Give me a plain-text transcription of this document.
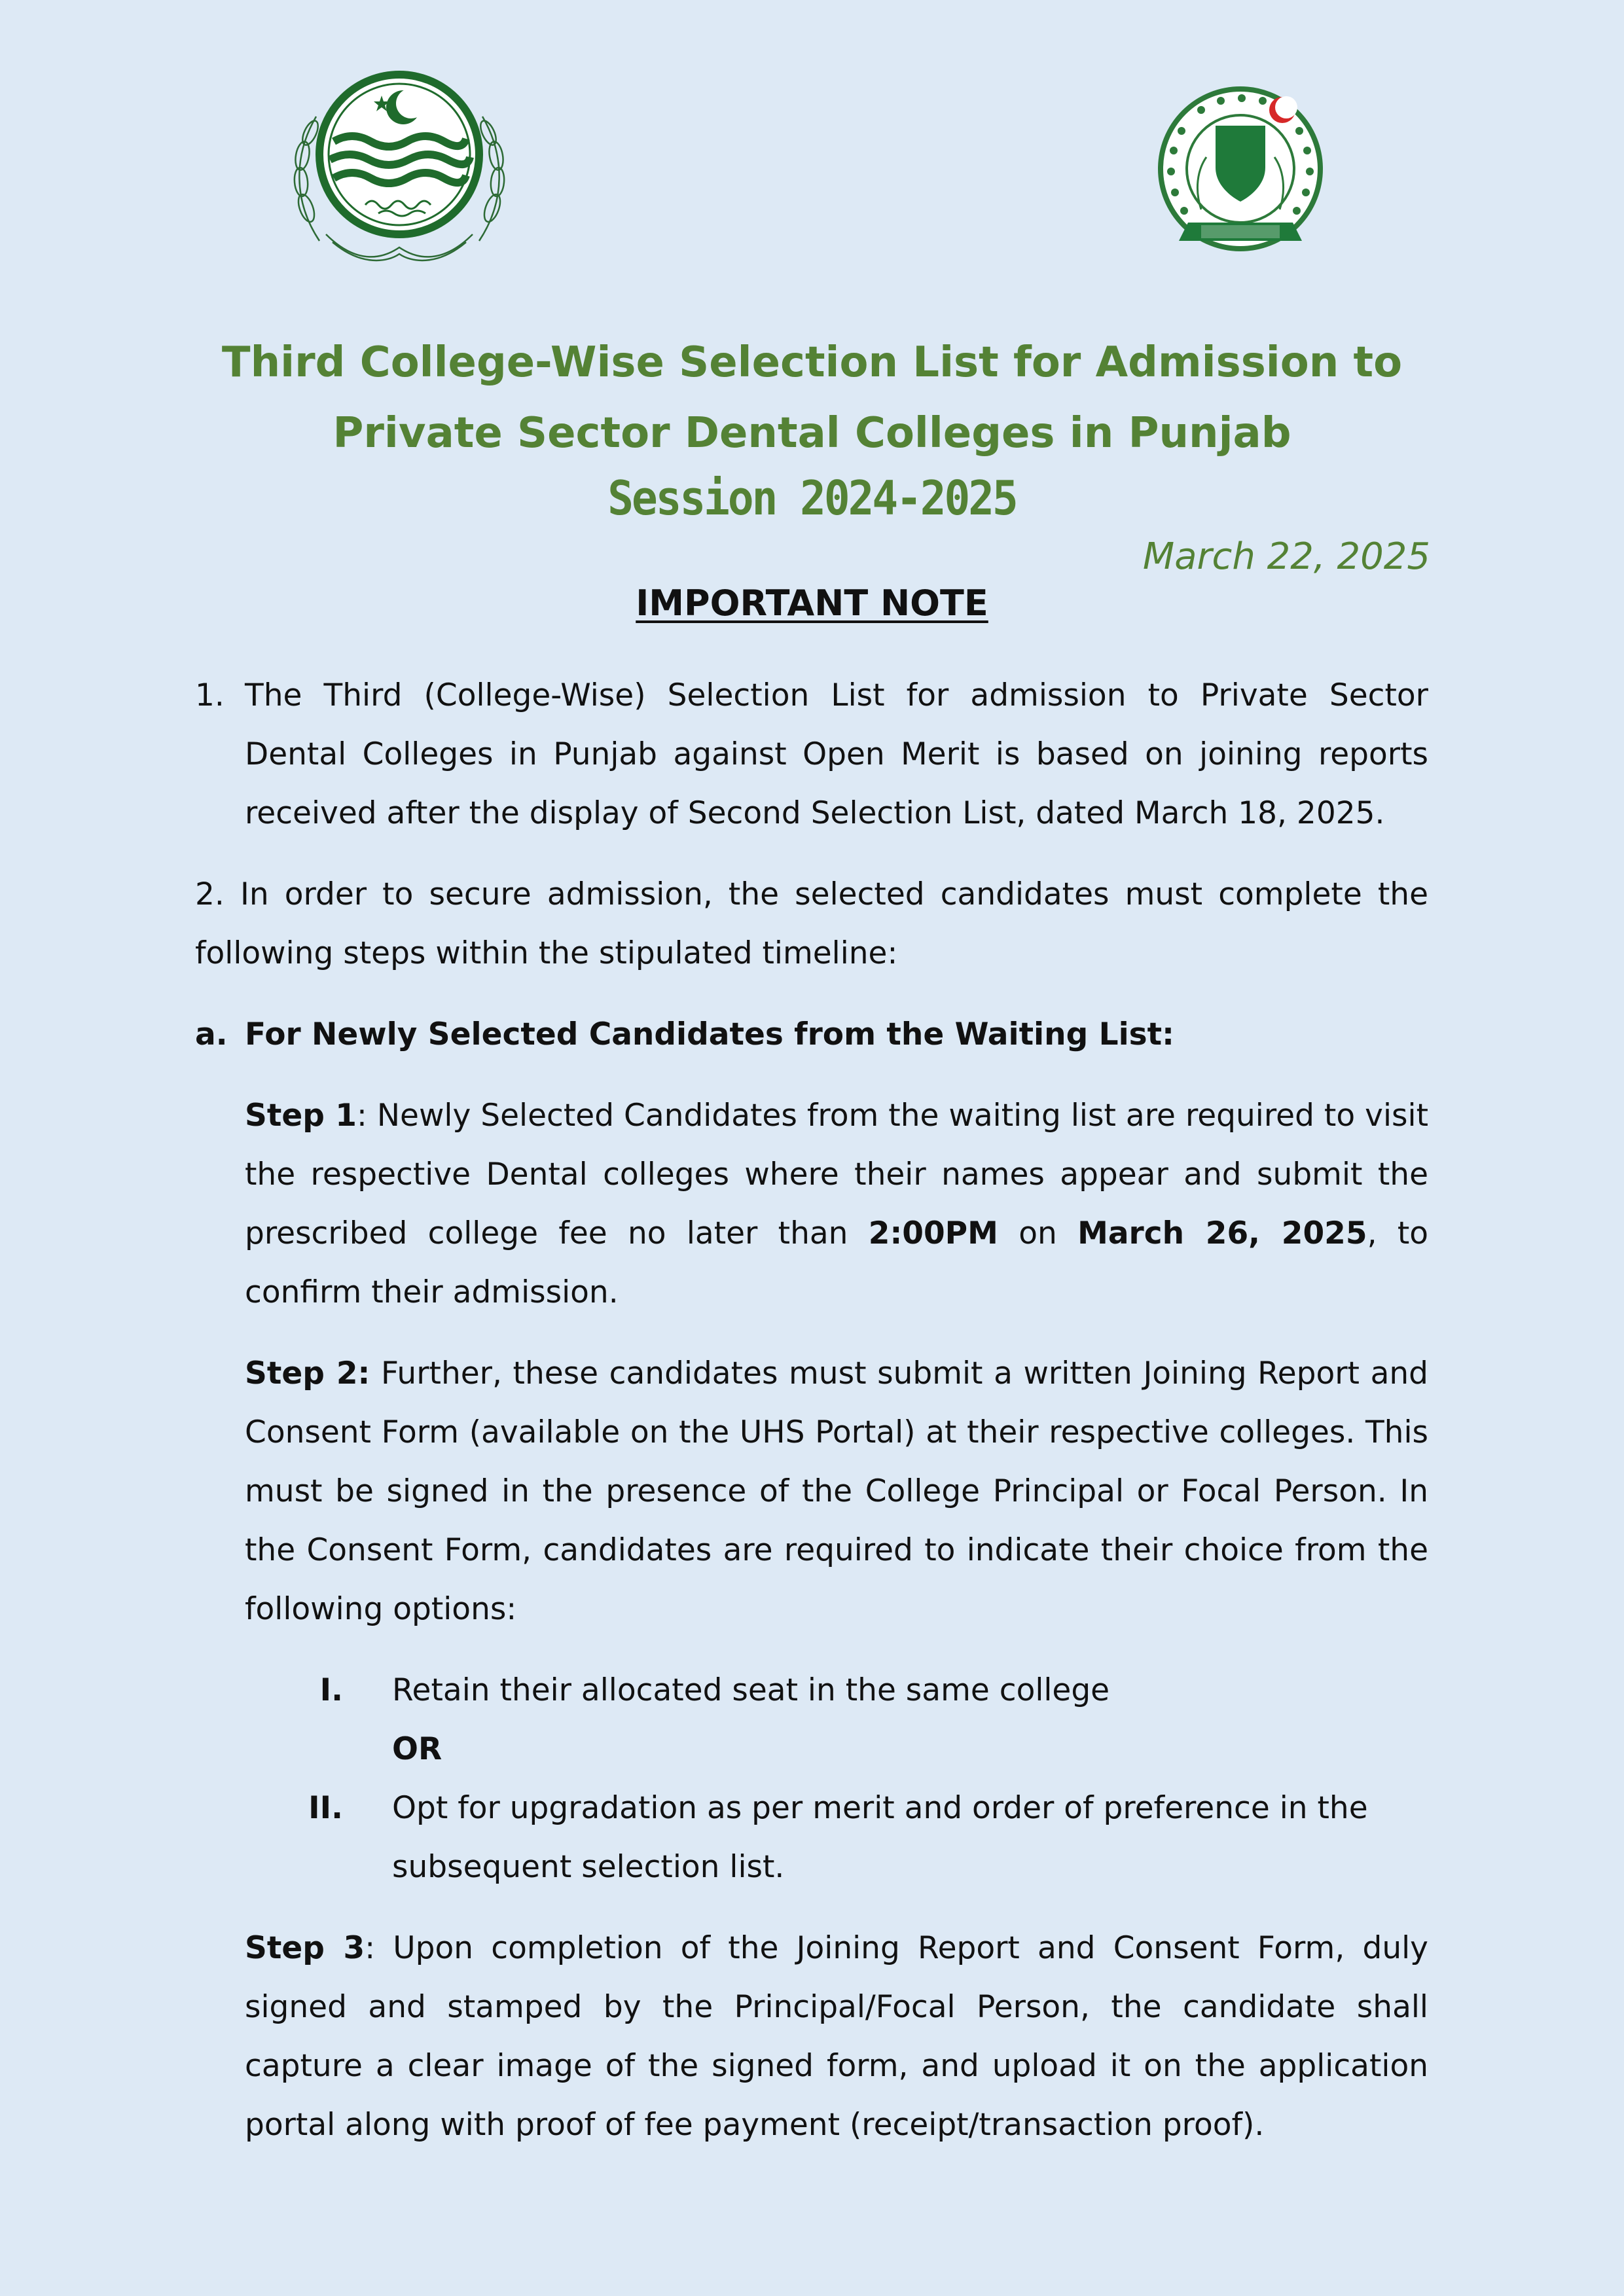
Third College-Wise Selection List for Admission to
Private Sector Dental Colleges in Punjab
Session 2024-2025
March 22, 2025
IMPORTANT NOTE
1. The Third (College-Wise) Selection List for admission to Private Sector Dental Colleges in Punjab against Open Merit is based on joining reports received after the display of Second Selection List, dated March 18, 2025.
2. In order to secure admission, the selected candidates must complete the following steps within the stipulated timeline:
a. For Newly Selected Candidates from the Waiting List:
Step 1: Newly Selected Candidates from the waiting list are required to visit the respective Dental colleges where their names appear and submit the prescribed college fee no later than 2:00PM on March 26, 2025, to confirm their admission.
Step 2: Further, these candidates must submit a written Joining Report and Consent Form (available on the UHS Portal) at their respective colleges. This must be signed in the presence of the College Principal or Focal Person. In the Consent Form, candidates are required to indicate their choice from the following options:
I.	Retain their allocated seat in the same college
OR
II.	Opt for upgradation as per merit and order of preference in the subsequent selection list.
Step 3: Upon completion of the Joining Report and Consent Form, duly signed and stamped by the Principal/Focal Person, the candidate shall capture a clear image of the signed form, and upload it on the application portal along with proof of fee payment (receipt/transaction proof).
